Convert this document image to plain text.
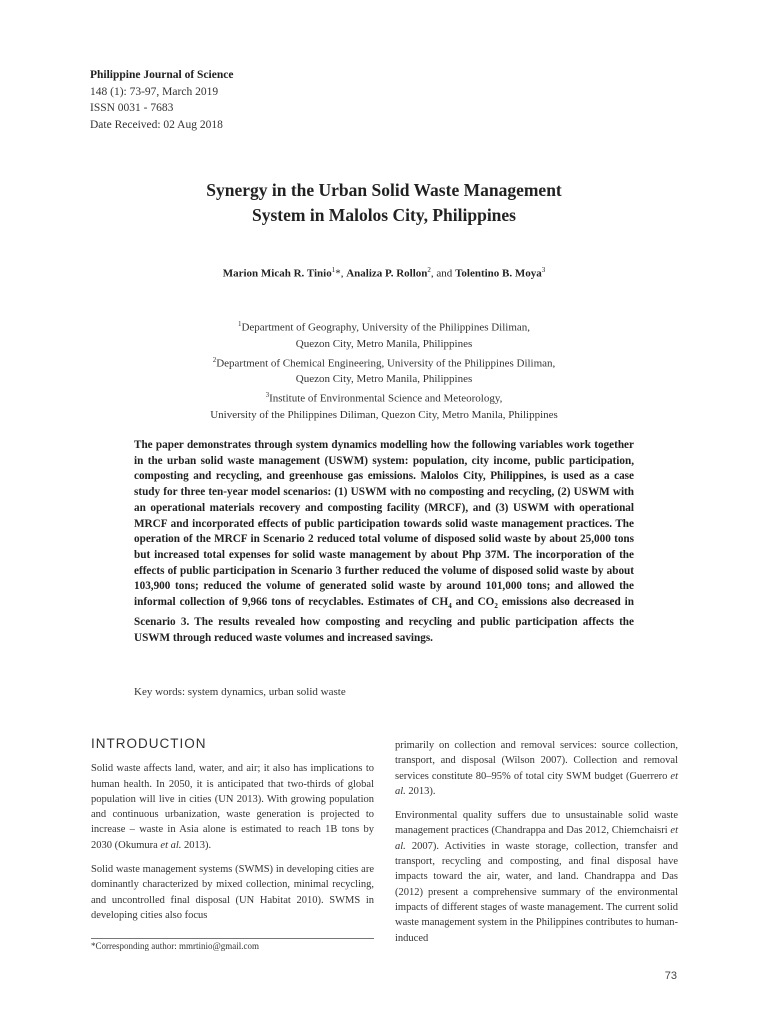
Philippine Journal of Science
148 (1): 73-97, March 2019
ISSN 0031 - 7683
Date Received: 02 Aug 2018
Synergy in the Urban Solid Waste Management
System in Malolos City, Philippines
Marion Micah R. Tinio$^1$*, Analiza P. Rollon$^2$, and Tolentino B. Moya$^3$
$^1$Department of Geography, University of the Philippines Diliman,
Quezon City, Metro Manila, Philippines
$^2$Department of Chemical Engineering, University of the Philippines Diliman,
Quezon City, Metro Manila, Philippines
$^3$Institute of Environmental Science and Meteorology,
University of the Philippines Diliman, Quezon City, Metro Manila, Philippines
The paper demonstrates through system dynamics modelling how the following variables work together in the urban solid waste management (USWM) system: population, city income, public participation, composting and recycling, and greenhouse gas emissions. Malolos City, Philippines, is used as a case study for three ten-year model scenarios: (1) USWM with no composting and recycling, (2) USWM with an operational materials recovery and composting facility (MRCF), and (3) USWM with operational MRCF and incorporated effects of public participation towards solid waste management practices. The operation of the MRCF in Scenario 2 reduced total volume of disposed solid waste by about 25,000 tons but increased total expenses for solid waste management by about Php 37M. The incorporation of the effects of public participation in Scenario 3 further reduced the volume of disposed solid waste by about 103,900 tons; reduced the volume of generated solid waste by around 101,000 tons; and allowed the informal collection of 9,966 tons of recyclables. Estimates of $CH_4$ and $CO_2$ emissions also decreased in Scenario 3. The results revealed how composting and recycling and public participation affects the USWM through reduced waste volumes and increased savings.
Key words: system dynamics, urban solid waste
INTRODUCTION

Solid waste affects land, water, and air; it also has implications to human health. In 2050, it is anticipated that two-thirds of global population will live in cities (UN 2013). With growing population and continuous urbanization, waste generation is projected to increase – waste in Asia alone is estimated to reach 1B tons by 2030 (Okumura et al. 2013).

Solid waste management systems (SWMS) in developing cities are dominantly characterized by mixed collection, minimal recycling, and uncontrolled final disposal (UN Habitat 2010). SWMS in developing cities also focus

primarily on collection and removal services: source collection, transport, and disposal (Wilson 2007). Collection and removal services constitute 80–95% of total city SWM budget (Guerrero et al. 2013).

Environmental quality suffers due to unsustainable solid waste management practices (Chandrappa and Das 2012, Chiemchaisri et al. 2007). Activities in waste storage, collection, transfer and transport, recycling and composting, and final disposal have impacts toward the air, water, and land. Chandrappa and Das (2012) present a comprehensive summary of the environmental impacts of different stages of waste management. The current solid waste management system in the Philippines contributes to human-induced

*Corresponding author: mmrtinio@gmail.com
73
